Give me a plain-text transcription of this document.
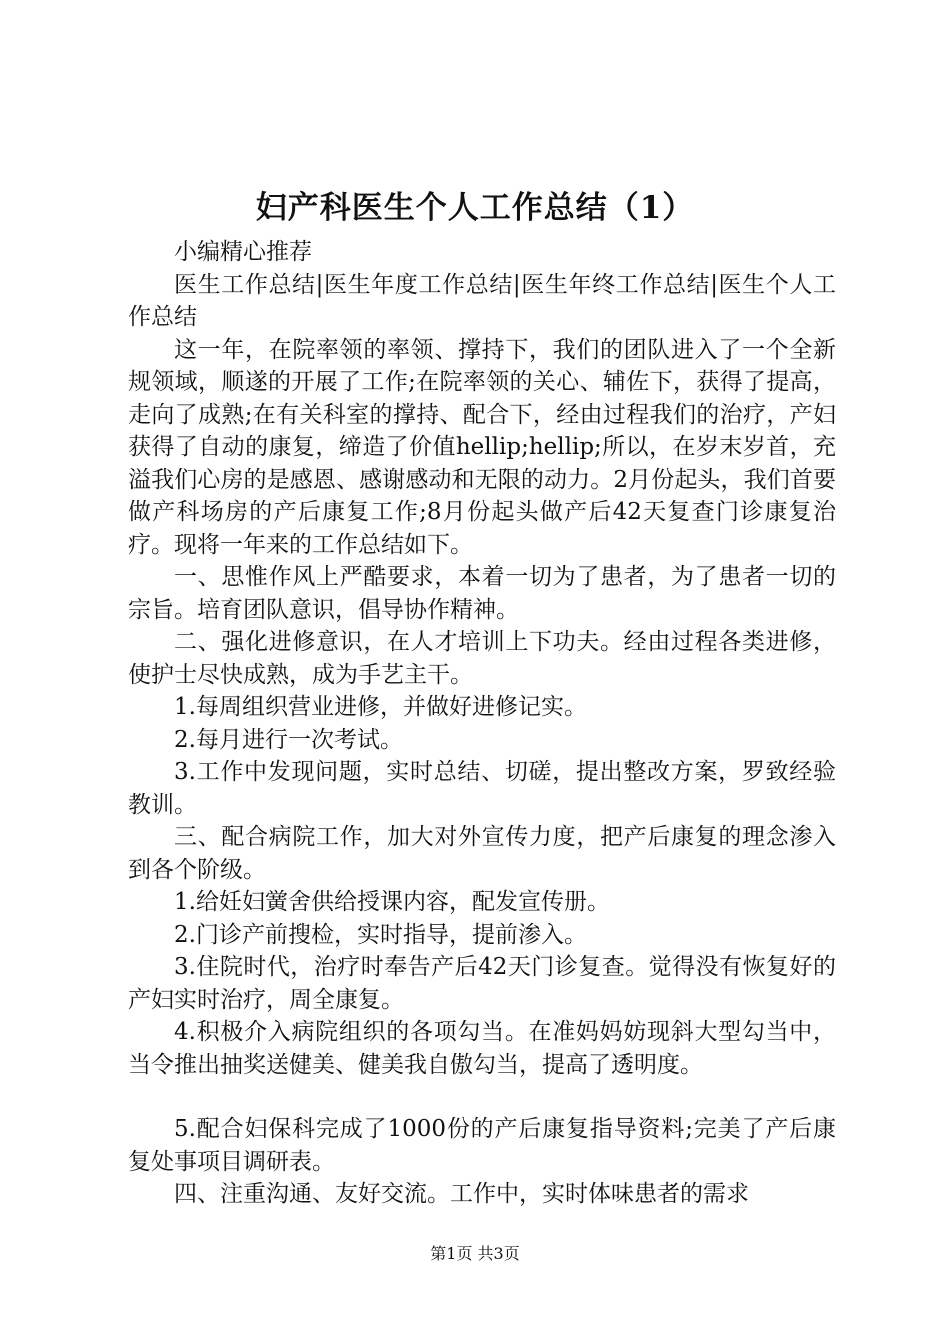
妇产科医生个人工作总结（1）

小编精心推荐

医生工作总结|医生年度工作总结|医生年终工作总结|医生个人工作总结

这一年，在院率领的率领、撑持下，我们的团队进入了一个全新规领域，顺遂的开展了工作;在院率领的关心、辅佐下，获得了提高，走向了成熟;在有关科室的撑持、配合下，经由过程我们的治疗，产妇获得了自动的康复，缔造了价值hellip;hellip;所以，在岁末岁首，充溢我们心房的是感恩、感谢感动和无限的动力。2月份起头，我们首要做产科场房的产后康复工作;8月份起头做产后42天复查门诊康复治疗。现将一年来的工作总结如下。

一、思惟作风上严酷要求，本着一切为了患者，为了患者一切的宗旨。培育团队意识，倡导协作精神。

二、强化进修意识，在人才培训上下功夫。经由过程各类进修，使护士尽快成熟，成为手艺主干。

1.每周组织营业进修，并做好进修记实。

2.每月进行一次考试。

3.工作中发现问题，实时总结、切磋，提出整改方案，罗致经验教训。

三、配合病院工作，加大对外宣传力度，把产后康复的理念渗入到各个阶级。

1.给妊妇黉舍供给授课内容，配发宣传册。

2.门诊产前搜检，实时指导，提前渗入。

3.住院时代，治疗时奉告产后42天门诊复查。觉得没有恢复好的产妇实时治疗，周全康复。

4.积极介入病院组织的各项勾当。在准妈妈妨现斜大型勾当中，当令推出抽奖送健美、健美我自傲勾当，提高了透明度。

5.配合妇保科完成了1000份的产后康复指导资料;完美了产后康复处事项目调研表。

四、注重沟通、友好交流。工作中，实时体味患者的需求

第1页 共3页
